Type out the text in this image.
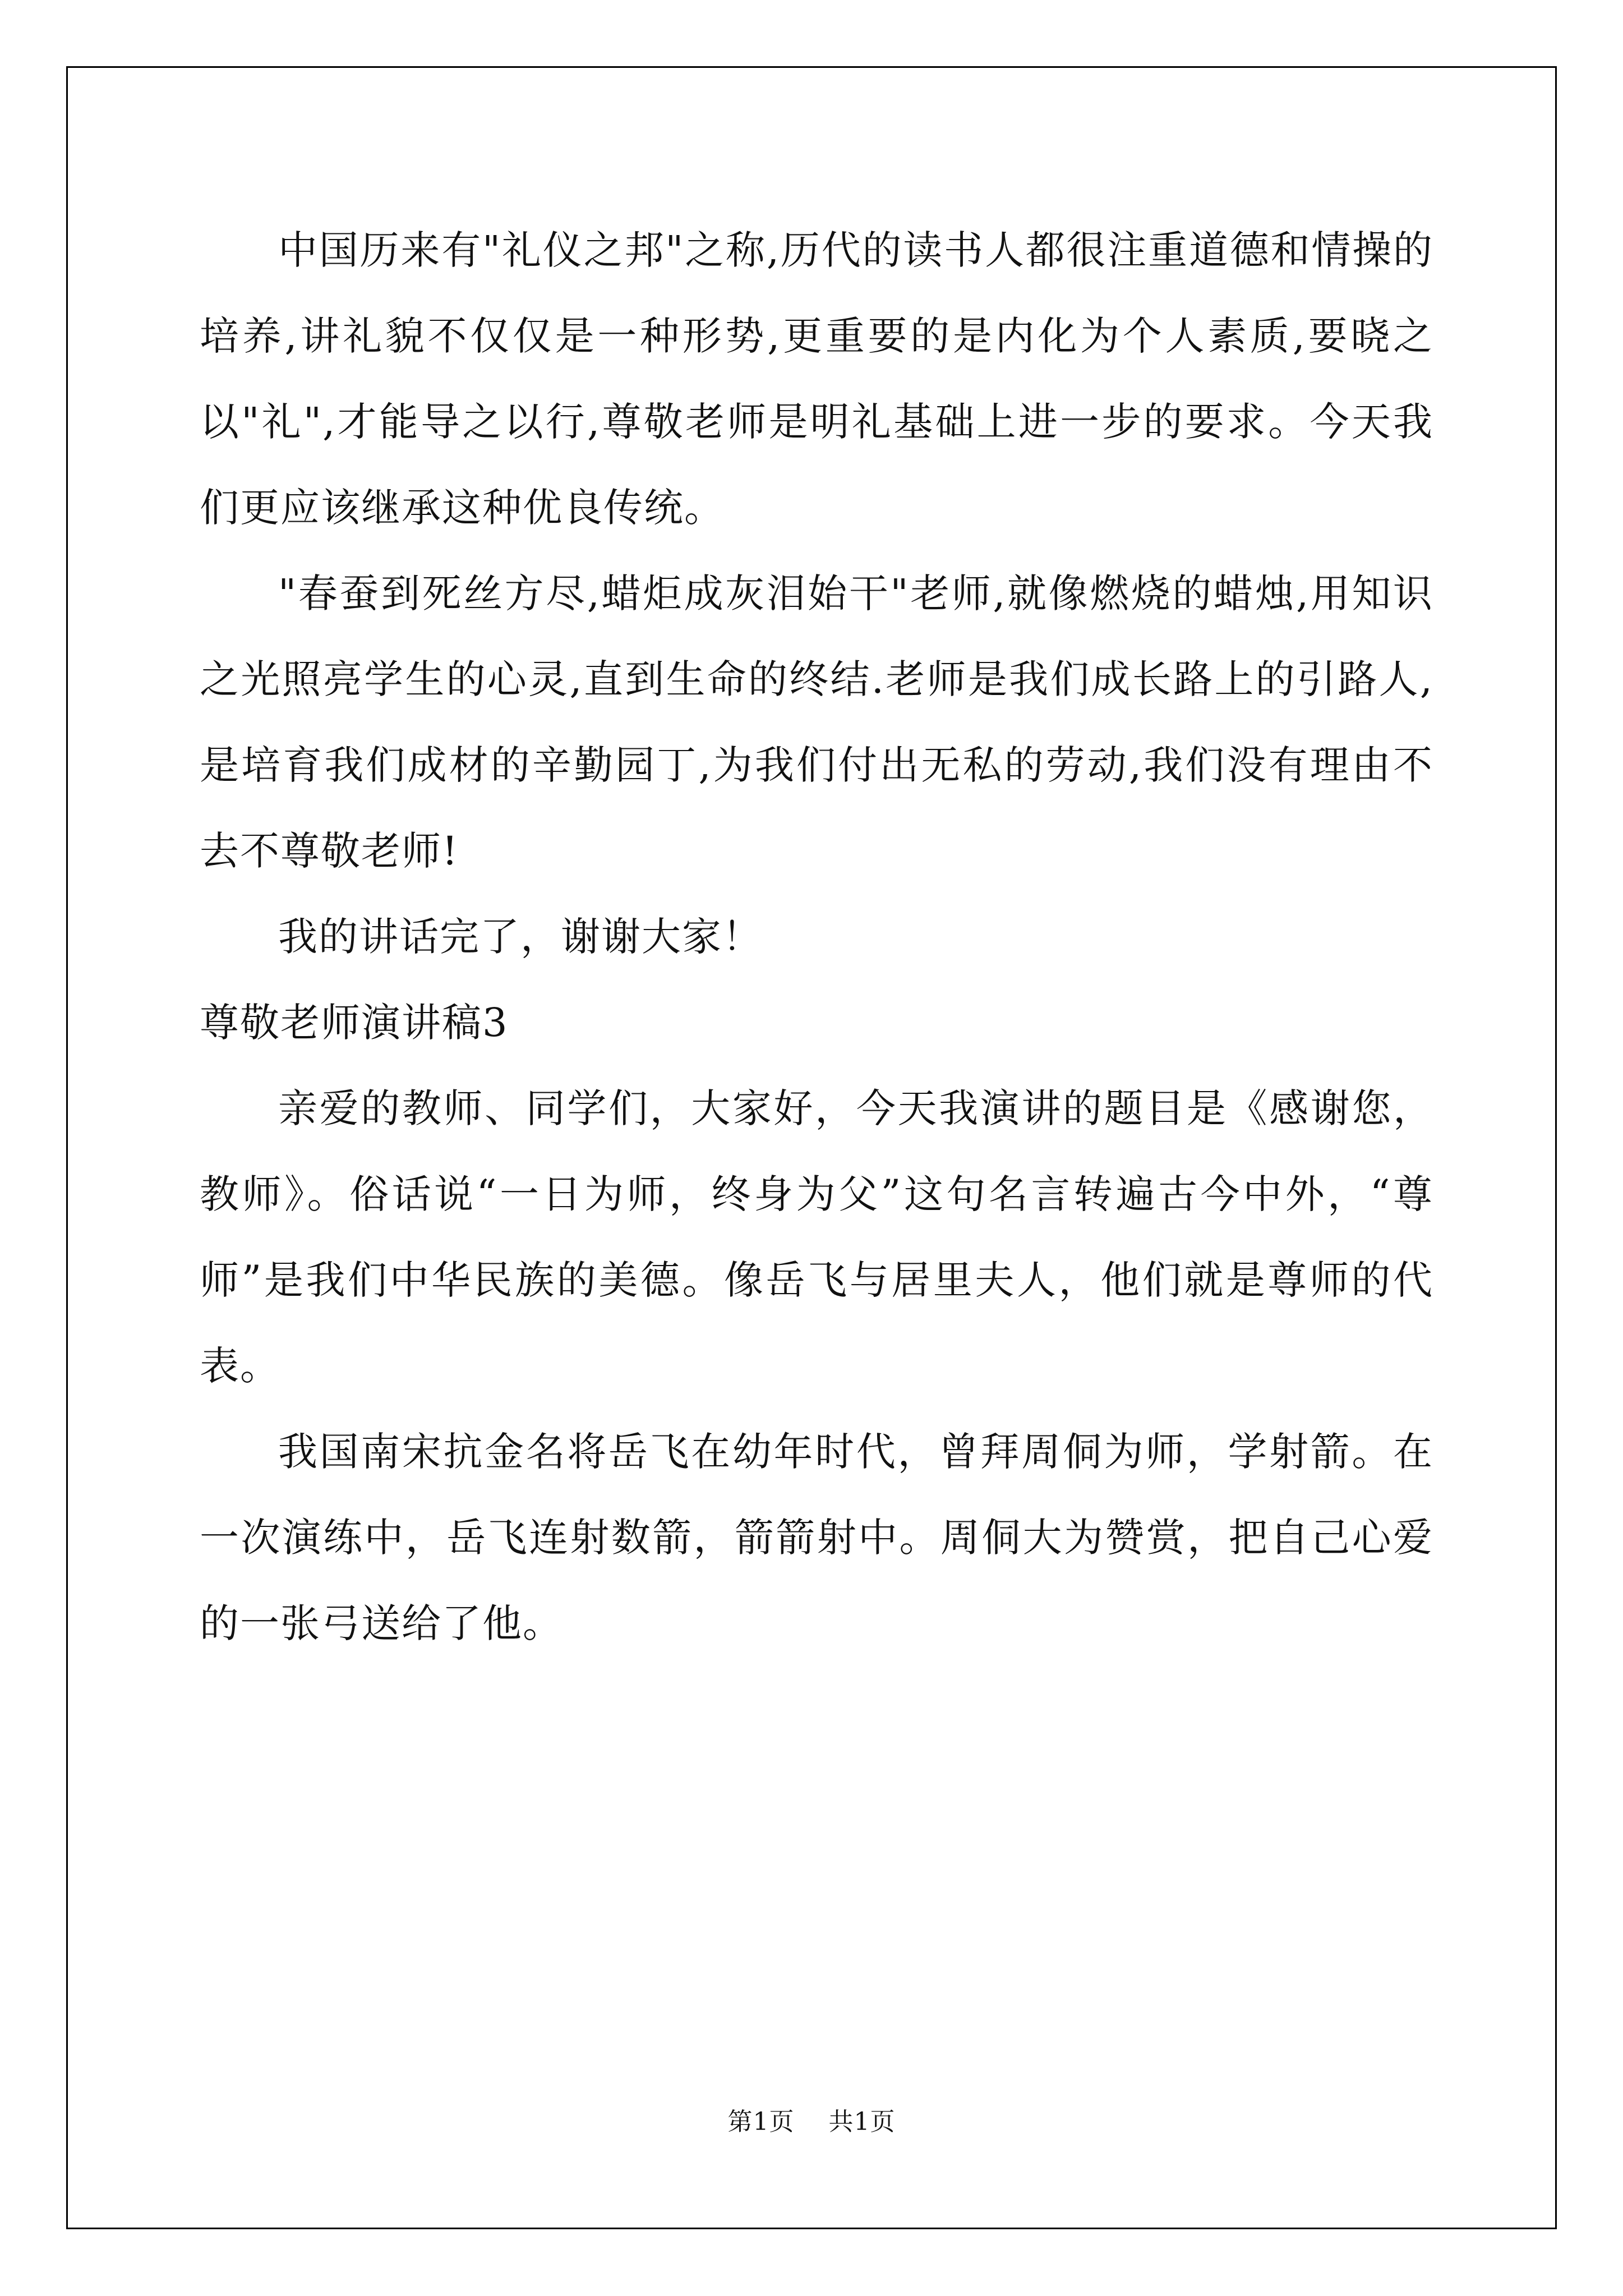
中国历来有"礼仪之邦"之称,历代的读书人都很注重道德和情操的培养,讲礼貌不仅仅是一种形势,更重要的是内化为个人素质,要晓之以"礼",才能导之以行,尊敬老师是明礼基础上进一步的要求。今天我们更应该继承这种优良传统。

"春蚕到死丝方尽,蜡炬成灰泪始干"老师,就像燃烧的蜡烛,用知识之光照亮学生的心灵,直到生命的终结.老师是我们成长路上的引路人,是培育我们成材的辛勤园丁,为我们付出无私的劳动,我们没有理由不去不尊敬老师!

我的讲话完了，谢谢大家！

尊敬老师演讲稿3

亲爱的教师、同学们，大家好，今天我演讲的题目是《感谢您，教师》。俗话说“一日为师，终身为父”这句名言转遍古今中外，“尊师”是我们中华民族的美德。像岳飞与居里夫人，他们就是尊师的代表。

我国南宋抗金名将岳飞在幼年时代，曾拜周侗为师，学射箭。在一次演练中，岳飞连射数箭，箭箭射中。周侗大为赞赏，把自己心爱的一张弓送给了他。

第1页 共1页
